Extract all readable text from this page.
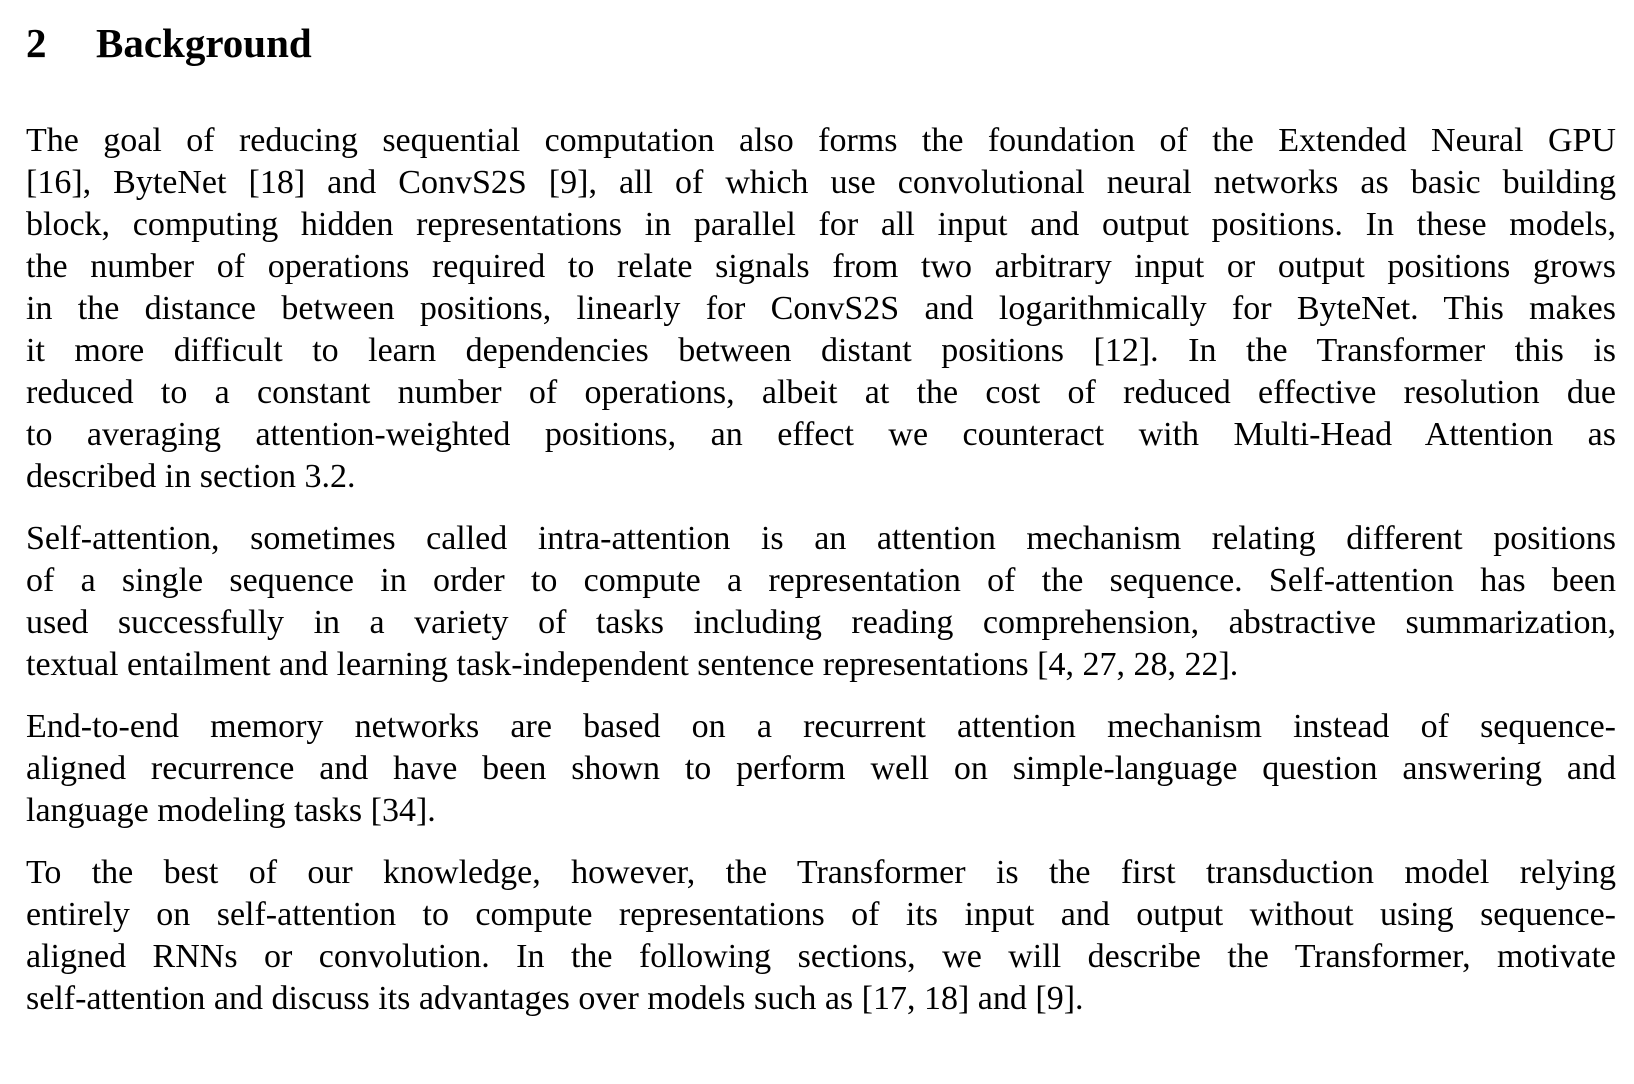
2 Background

The goal of reducing sequential computation also forms the foundation of the Extended Neural GPU
[16], ByteNet [18] and ConvS2S [9], all of which use convolutional neural networks as basic building
block, computing hidden representations in parallel for all input and output positions. In these models,
the number of operations required to relate signals from two arbitrary input or output positions grows
in the distance between positions, linearly for ConvS2S and logarithmically for ByteNet. This makes
it more difficult to learn dependencies between distant positions [12]. In the Transformer this is
reduced to a constant number of operations, albeit at the cost of reduced effective resolution due
to averaging attention-weighted positions, an effect we counteract with Multi-Head Attention as
described in section 3.2.

Self-attention, sometimes called intra-attention is an attention mechanism relating different positions
of a single sequence in order to compute a representation of the sequence. Self-attention has been
used successfully in a variety of tasks including reading comprehension, abstractive summarization,
textual entailment and learning task-independent sentence representations [4, 27, 28, 22].

End-to-end memory networks are based on a recurrent attention mechanism instead of sequence-
aligned recurrence and have been shown to perform well on simple-language question answering and
language modeling tasks [34].

To the best of our knowledge, however, the Transformer is the first transduction model relying
entirely on self-attention to compute representations of its input and output without using sequence-
aligned RNNs or convolution. In the following sections, we will describe the Transformer, motivate
self-attention and discuss its advantages over models such as [17, 18] and [9].
